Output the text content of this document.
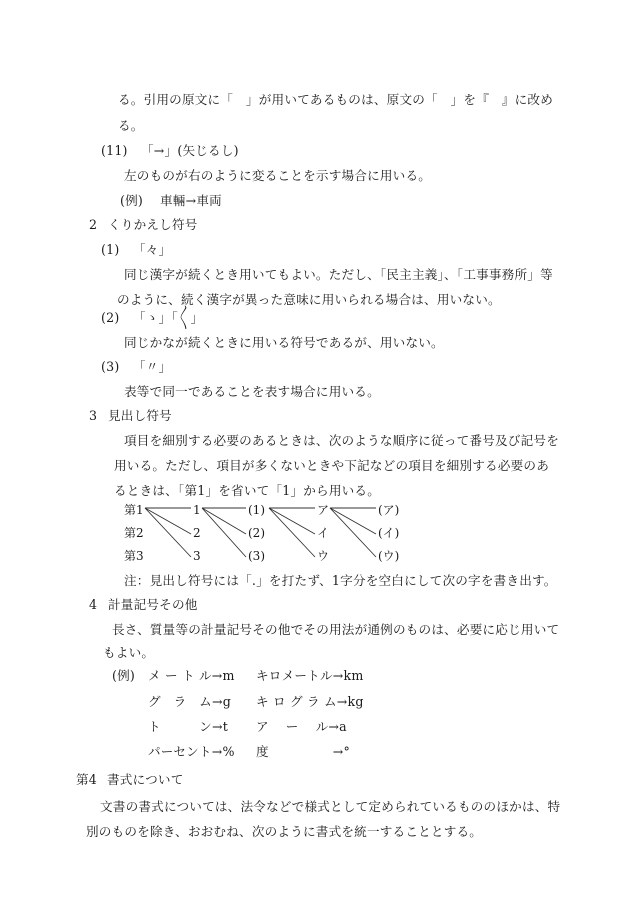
る。引用の原文に「　」が用いてあるものは、原文の「　」を『　』に改め
る。
(11) 「→」(矢じるし)
左のものが右のように変ることを示す場合に用いる。
(例) 車輛→車両
2 くりかえし符号
(1) 「々」
同じ漢字が続くとき用いてもよい。ただし、「民主主義」、「工事事務所」等
のように、続く漢字が異った意味に用いられる場合は、用いない。
(2) 「ゝ」「〱」
同じかなが続くときに用いる符号であるが、用いない。
(3) 「〃」
表等で同一であることを表す場合に用いる。
3 見出し符号
項目を細別する必要のあるときは、次のような順序に従って番号及び記号を
用いる。ただし、項目が多くないときや下記などの項目を細別する必要のあ
るときは、「第1」を省いて「1」から用いる。
第1
第2
第3
1
2
3
(1)
(2)
(3)
ア
イ
ウ
(ア)
(イ)
(ウ)
注：見出し符号には「.」を打たず、1字分を空白にして次の字を書き出す。
4 計量記号その他
長さ、質量等の計量記号その他でその用法が通例のものは、必要に応じ用いて
もよい。
(例) メ ー ト ル→m キロメートル→km
グ　ラ　ム→g キ ロ グ ラ ム→kg
ト　　　ン→t ア　 ー　 ル→a
パーセント→% 度　　　　　→°
第4 書式について
文書の書式については、法令などで様式として定められているもののほかは、特
別のものを除き、おおむね、次のように書式を統一することとする。
